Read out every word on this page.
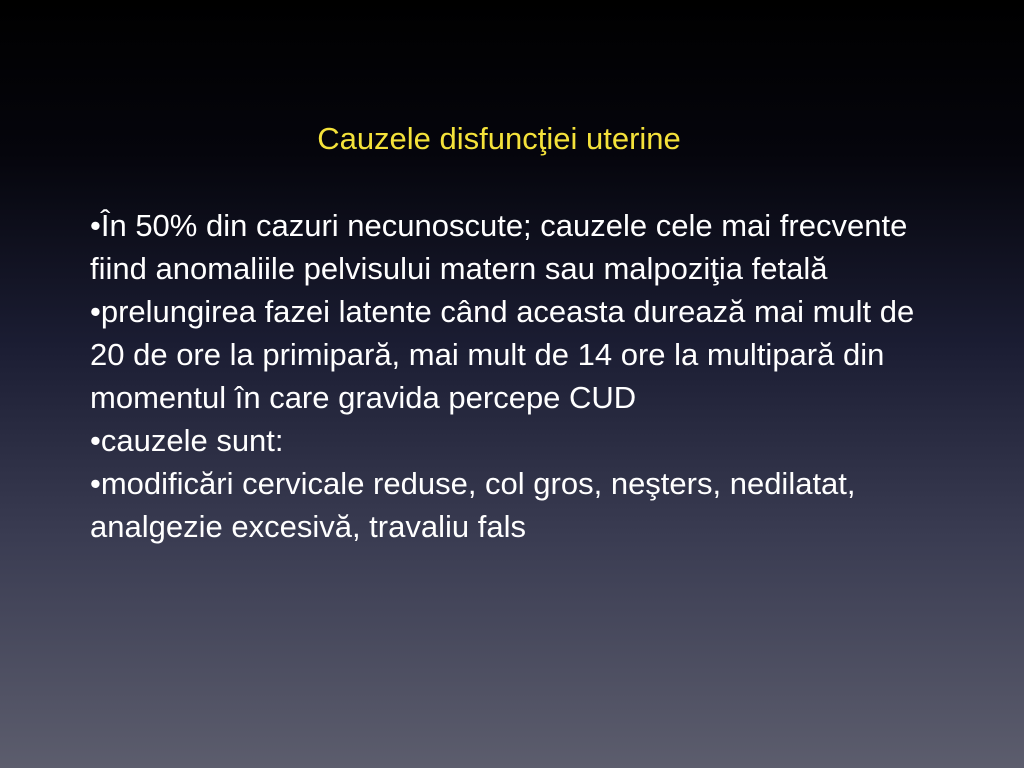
Cauzele disfuncţiei uterine

•În 50% din cazuri necunoscute; cauzele cele mai frecvente fiind anomaliile pelvisului matern sau malpoziţia fetală

•prelungirea fazei latente când aceasta durează mai mult de 20 de ore la primipară, mai mult de 14 ore la multipară din momentul în care gravida percepe CUD

•cauzele sunt:

•modificări cervicale reduse, col gros, neşters, nedilatat, analgezie excesivă, travaliu fals
